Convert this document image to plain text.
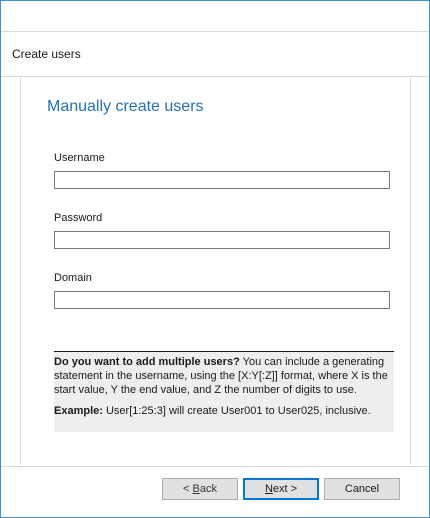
Create users
Manually create users
Username
Password
Domain
Do you want to add multiple users? You can include a generating statement in the username, using the [X:Y[:Z]] format, where X is the start value, Y the end value, and Z the number of digits to use.
Example: User[1:25:3] will create User001 to User025, inclusive.
< Back	Next >	Cancel
